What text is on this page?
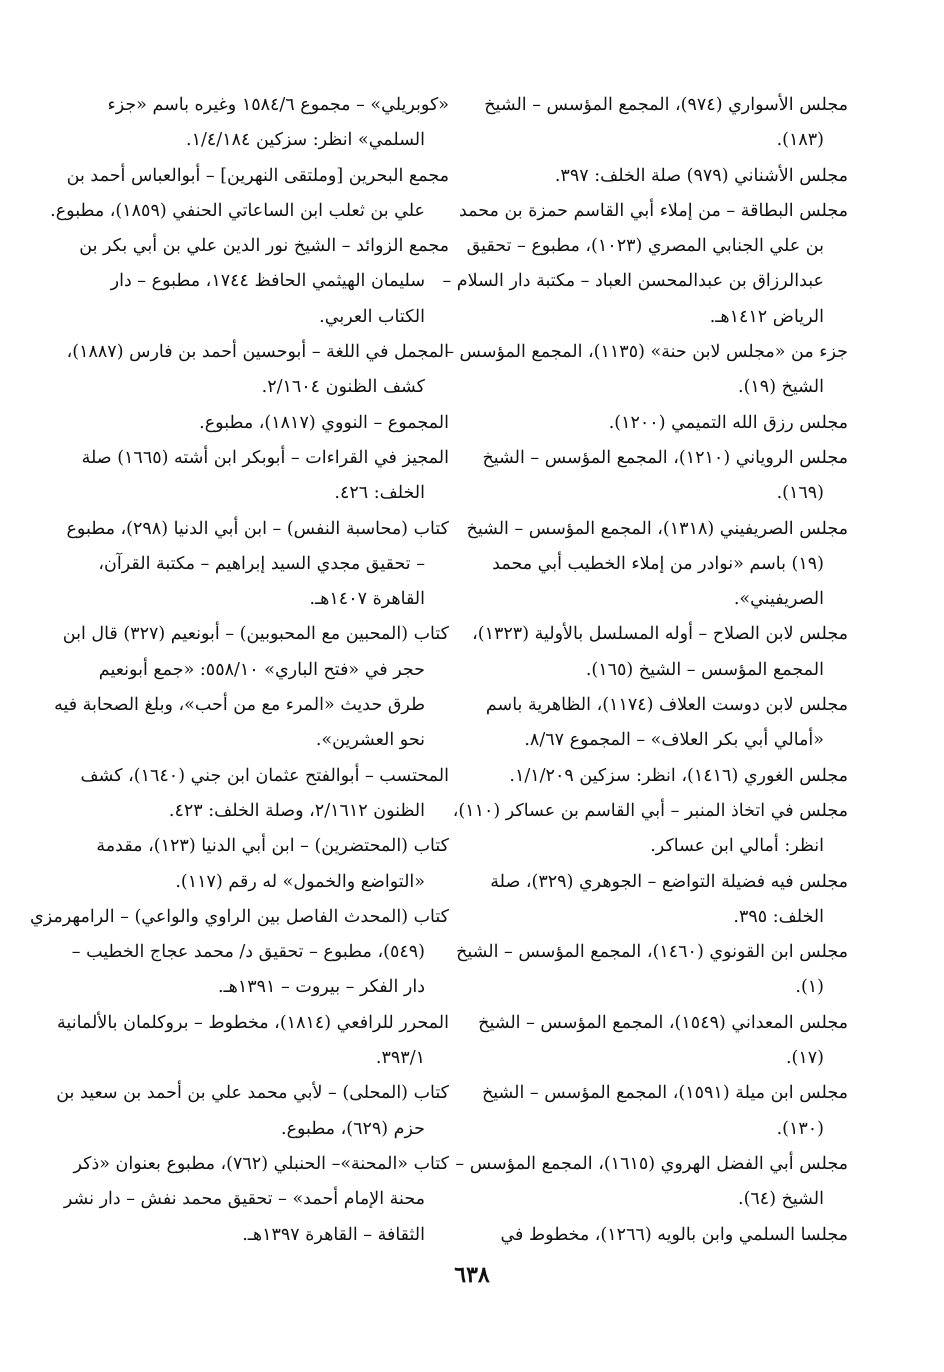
مجلس الأسواري (٩٧٤)، المجمع المؤسس – الشيخ
(١٨٣).
مجلس الأشناني (٩٧٩) صلة الخلف: ٣٩٧.
مجلس البطاقة – من إملاء أبي القاسم حمزة بن محمد
بن علي الجنابي المصري (١٠٢٣)، مطبوع – تحقيق
عبدالرزاق بن عبدالمحسن العباد – مكتبة دار السلام –
الرياض ١٤١٢هـ.
جزء من «مجلس لابن حنة» (١١٣٥)، المجمع المؤسس –
الشيخ (١٩).
مجلس رزق الله التميمي (١٢٠٠).
مجلس الروياني (١٢١٠)، المجمع المؤسس – الشيخ
(١٦٩).
مجلس الصريفيني (١٣١٨)، المجمع المؤسس – الشيخ
(١٩) باسم «نوادر من إملاء الخطيب أبي محمد
الصريفيني».
مجلس لابن الصلاح – أوله المسلسل بالأولية (١٣٢٣)،
المجمع المؤسس – الشيخ (١٦٥).
مجلس لابن دوست العلاف (١١٧٤)، الظاهرية باسم
«أمالي أبي بكر العلاف» – المجموع ٨/٦٧.
مجلس الغوري (١٤١٦)، انظر: سزكين ١/١/٢٠٩.
مجلس في اتخاذ المنبر – أبي القاسم بن عساكر (١١٠)،
انظر: أمالي ابن عساكر.
مجلس فيه فضيلة التواضع – الجوهري (٣٢٩)، صلة
الخلف: ٣٩٥.
مجلس ابن القونوي (١٤٦٠)، المجمع المؤسس – الشيخ
(١).
مجلس المعداني (١٥٤٩)، المجمع المؤسس – الشيخ
(١٧).
مجلس ابن ميلة (١٥٩١)، المجمع المؤسس – الشيخ
(١٣٠).
مجلس أبي الفضل الهروي (١٦١٥)، المجمع المؤسس –
الشيخ (٦٤).
مجلسا السلمي وابن بالويه (١٢٦٦)، مخطوط في
«كوبريلي» – مجموع ١٥٨٤/٦ وغيره باسم «جزء
السلمي» انظر: سزكين ١/٤/١٨٤.
مجمع البحرين [وملتقى النهرين] – أبوالعباس أحمد بن
علي بن ثعلب ابن الساعاتي الحنفي (١٨٥٩)، مطبوع.
مجمع الزوائد – الشيخ نور الدين علي بن أبي بكر بن
سليمان الهيثمي الحافظ ١٧٤٤، مطبوع – دار
الكتاب العربي.
المجمل في اللغة – أبوحسين أحمد بن فارس (١٨٨٧)،
كشف الظنون ٢/١٦٠٤.
المجموع – النووي (١٨١٧)، مطبوع.
المجيز في القراءات – أبوبكر ابن أشته (١٦٦٥) صلة
الخلف: ٤٢٦.
كتاب (محاسبة النفس) – ابن أبي الدنيا (٢٩٨)، مطبوع
– تحقيق مجدي السيد إبراهيم – مكتبة القرآن،
القاهرة ١٤٠٧هـ.
كتاب (المحبين مع المحبوبين) – أبونعيم (٣٢٧) قال ابن
حجر في «فتح الباري» ٥٥٨/١٠: «جمع أبونعيم
طرق حديث «المرء مع من أحب»، وبلغ الصحابة فيه
نحو العشرين».
المحتسب – أبوالفتح عثمان ابن جني (١٦٤٠)، كشف
الظنون ٢/١٦١٢، وصلة الخلف: ٤٢٣.
كتاب (المحتضرين) – ابن أبي الدنيا (١٢٣)، مقدمة
«التواضع والخمول» له رقم (١١٧).
كتاب (المحدث الفاصل بين الراوي والواعي) – الرامهرمزي
(٥٤٩)، مطبوع – تحقيق د/ محمد عجاج الخطيب –
دار الفكر – بيروت – ١٣٩١هـ.
المحرر للرافعي (١٨١٤)، مخطوط – بروكلمان بالألمانية
٣٩٣/١.
كتاب (المحلى) – لأبي محمد علي بن أحمد بن سعيد بن
حزم (٦٢٩)، مطبوع.
كتاب «المحنة»– الحنبلي (٧٦٢)، مطبوع بعنوان «ذكر
محنة الإمام أحمد» – تحقيق محمد نفش – دار نشر
الثقافة – القاهرة ١٣٩٧هـ.
٦٣٨
